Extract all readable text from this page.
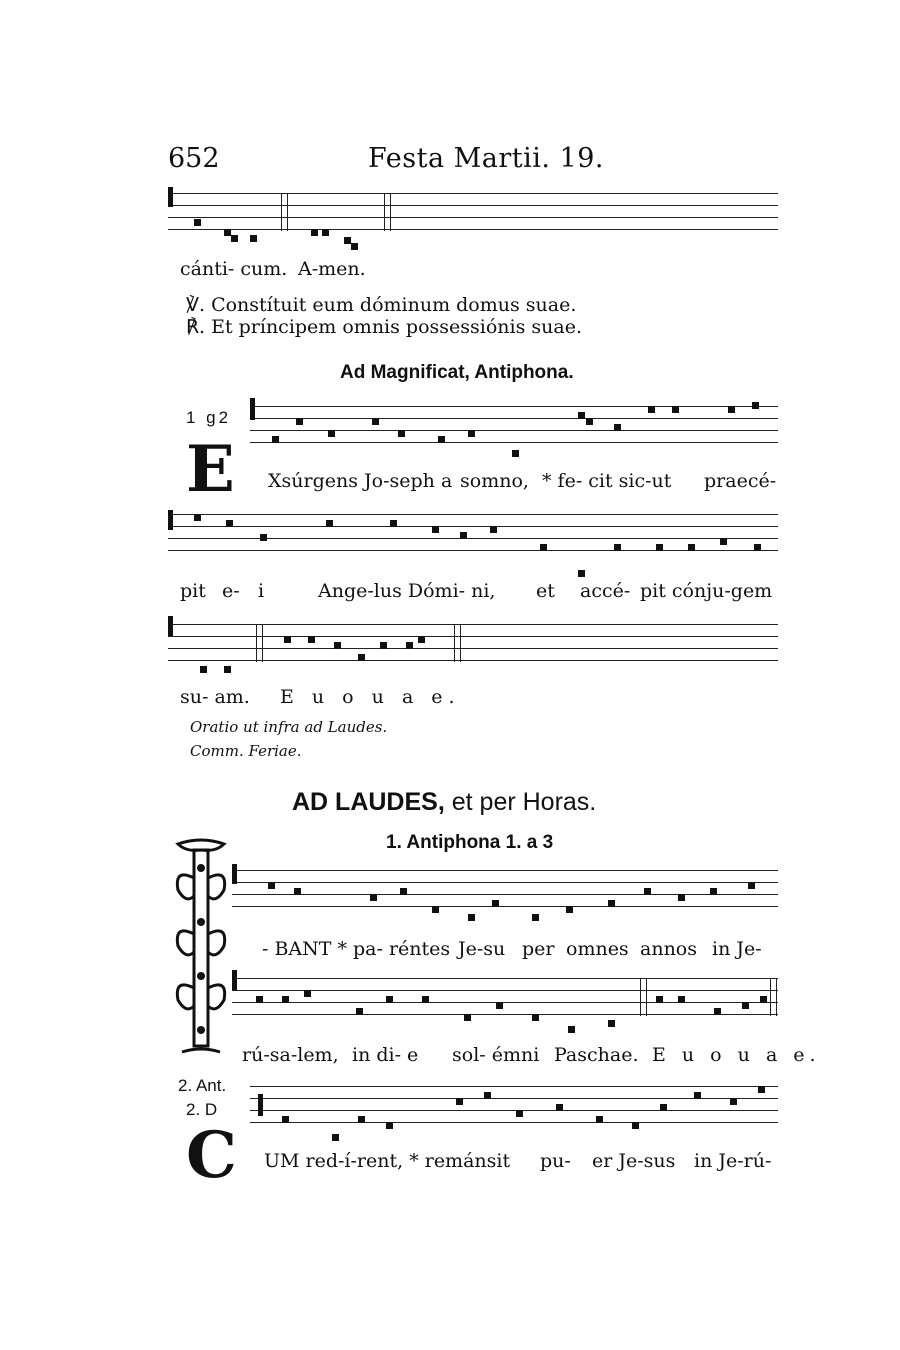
652	Festa Martii. 19.
cánti- cum. A-men.
℣. Constítuit eum dóminum domus suae.
℟. Et príncipem omnis possessiónis suae.
Ad Magnificat, Antiphona.
1 g2
E Xsúrgens Jo-seph a somno, * fe- cit sic-ut praecé-
pit e- i	Ange-lus Dómi- ni, et accé- pit cónju-gem
su- am. E u o u a e.
Oratio ut infra ad Laudes.
Comm. Feriae.
AD LAUDES, et per Horas.
1. Antiphona 1. a 3
- BANT * pa- réntes Je-su per omnes annos in Je-
rú-sa-lem, in di- e sol- émni Paschae. E u o u a e.
2. Ant.
2. D
C UM red-í-rent, * remánsit pu- er Je-sus in Je-rú-
